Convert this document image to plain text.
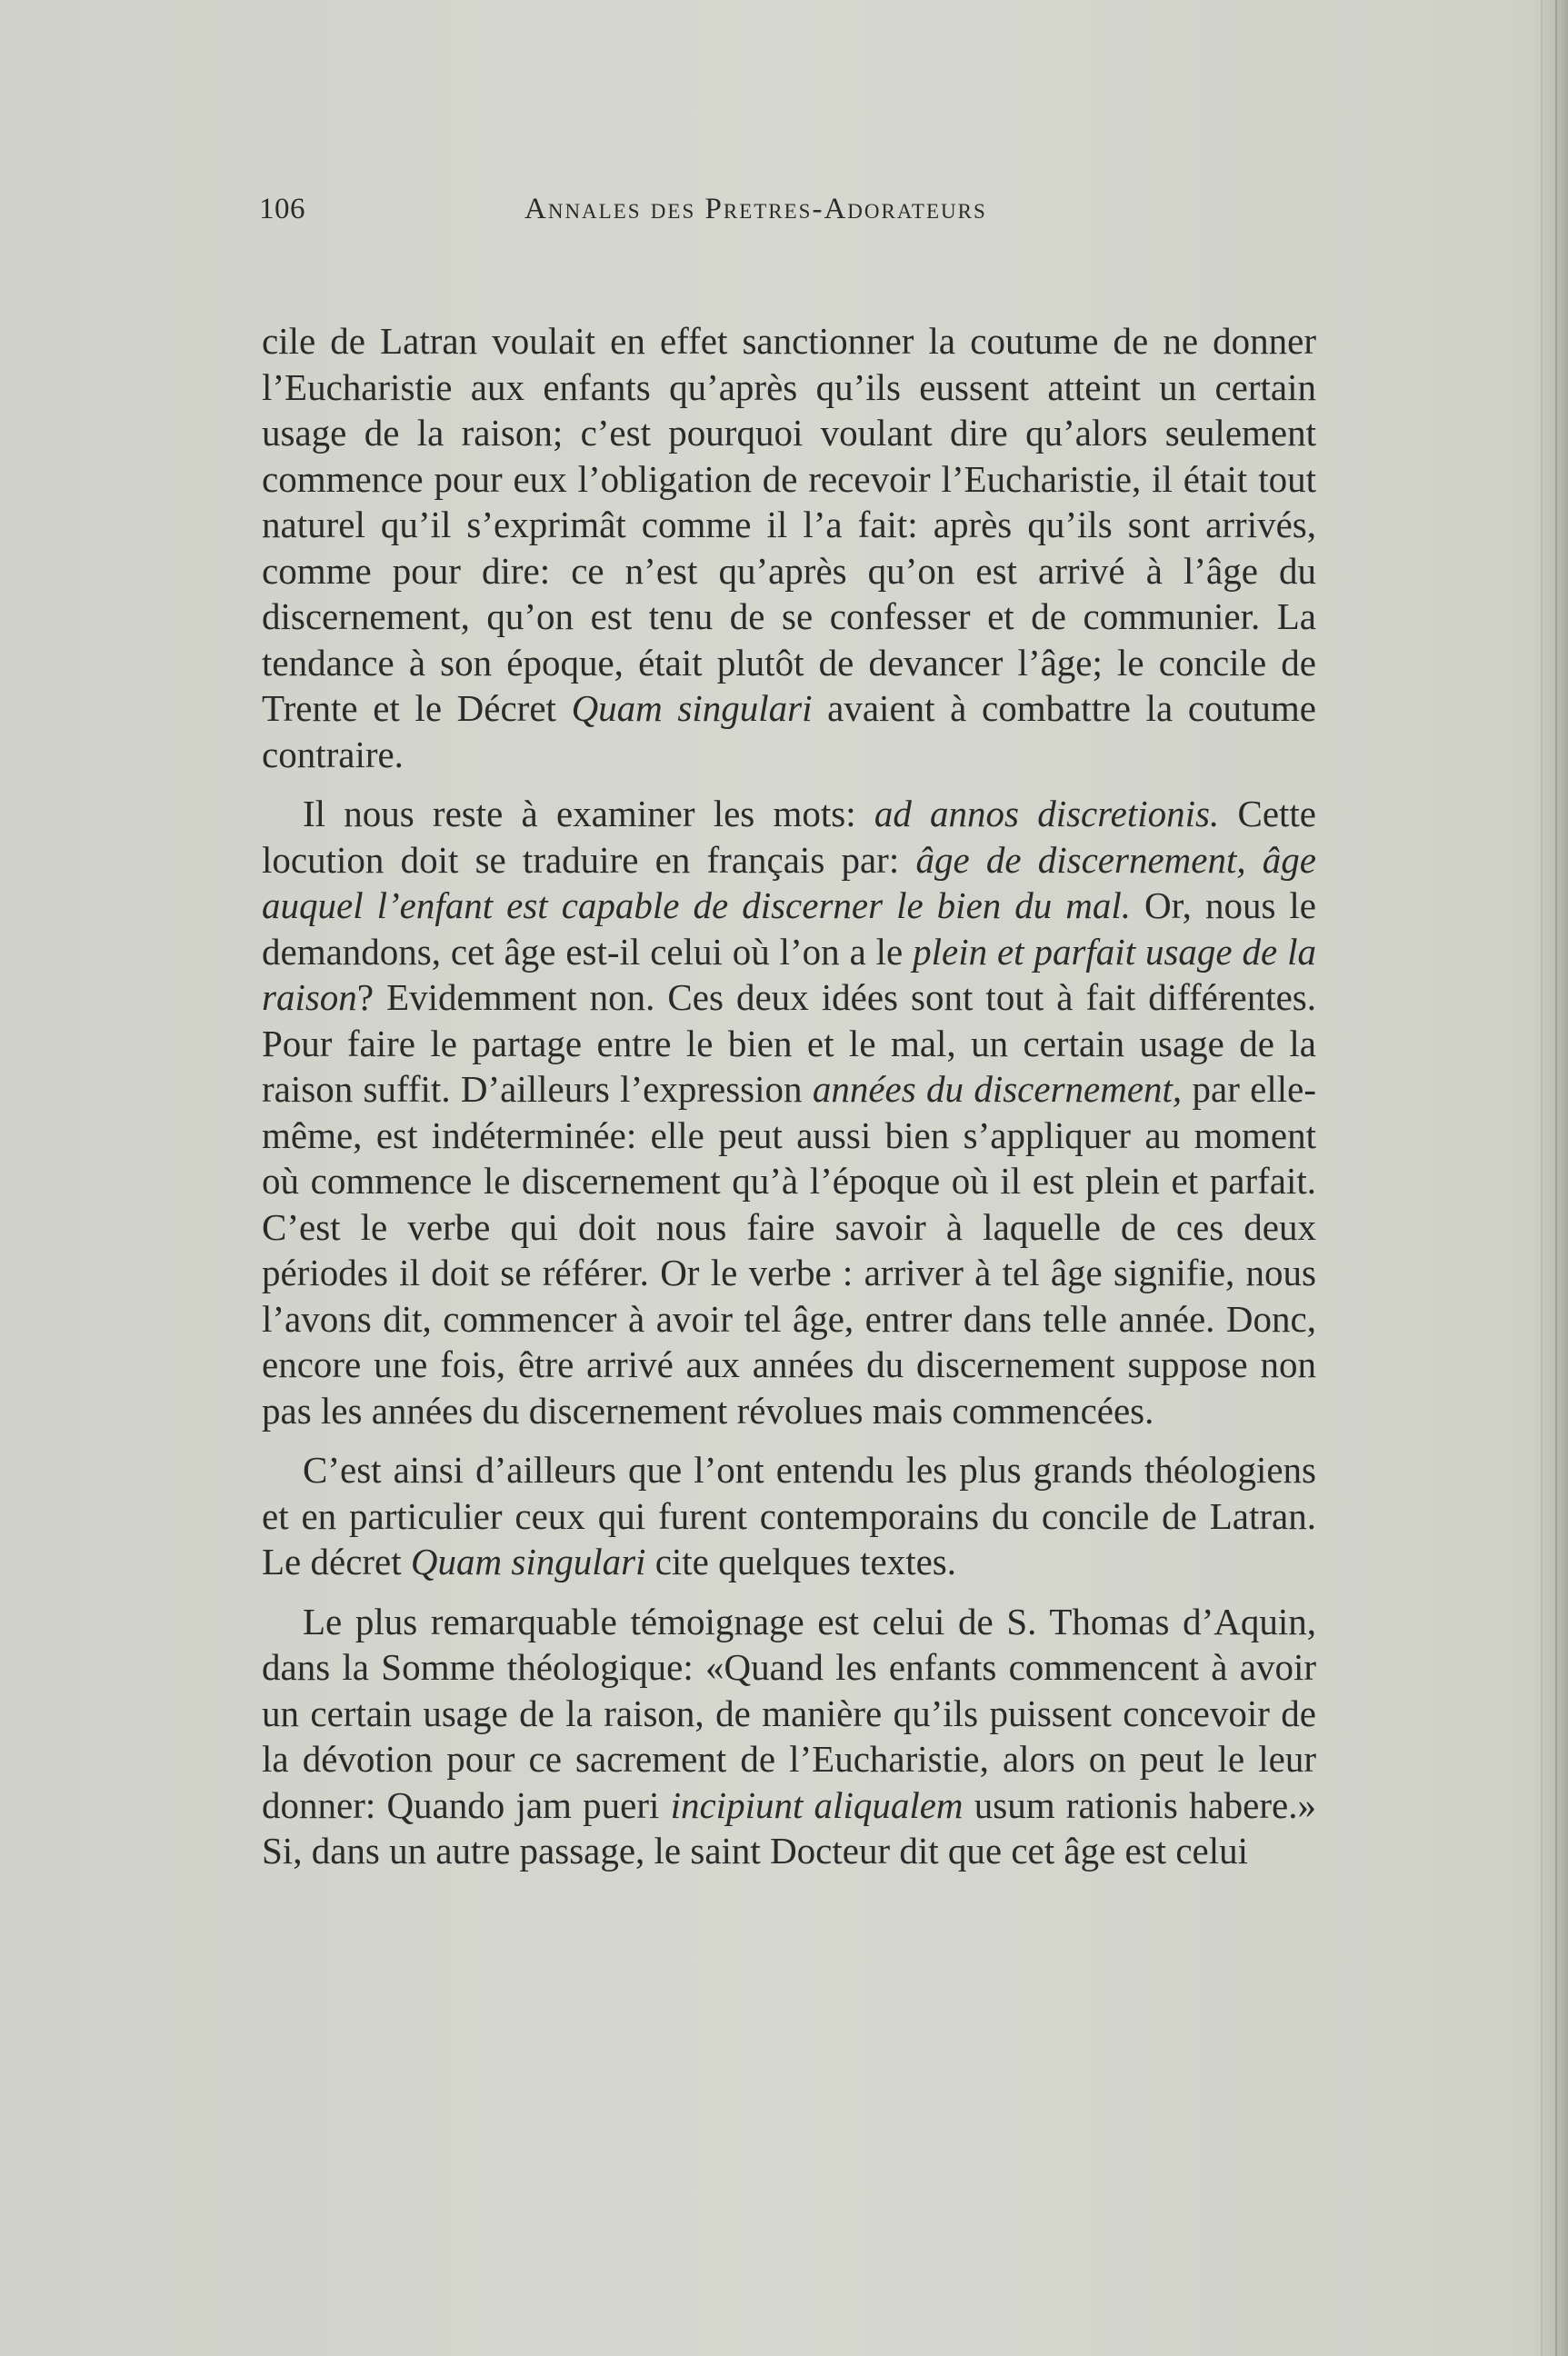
106	Annales des Pretres-Adorateurs

cile de Latran voulait en effet sanctionner la coutume de ne donner l’Eucharistie aux enfants qu’après qu’ils eussent atteint un certain usage de la raison; c’est pourquoi voulant dire qu’alors seulement commence pour eux l’obligation de recevoir l’Eucharistie, il était tout naturel qu’il s’exprimât comme il l’a fait: après qu’ils sont arrivés, comme pour dire: ce n’est qu’après qu’on est arrivé à l’âge du discernement, qu’on est tenu de se confesser et de communier. La tendance à son époque, était plutôt de devancer l’âge; le concile de Trente et le Décret Quam singulari avaient à combattre la coutume contraire.

Il nous reste à examiner les mots: ad annos discretionis. Cette locution doit se traduire en français par: âge de discernement, âge auquel l’enfant est capable de discerner le bien du mal. Or, nous le demandons, cet âge est-il celui où l’on a le plein et parfait usage de la raison? Evidemment non. Ces deux idées sont tout à fait différentes. Pour faire le partage entre le bien et le mal, un certain usage de la raison suffit. D’ailleurs l’expression années du discernement, par elle-même, est indéterminée: elle peut aussi bien s’appliquer au moment où commence le discernement qu’à l’époque où il est plein et parfait. C’est le verbe qui doit nous faire savoir à laquelle de ces deux périodes il doit se référer. Or le verbe : arriver à tel âge signifie, nous l’avons dit, commencer à avoir tel âge, entrer dans telle année. Donc, encore une fois, être arrivé aux années du discernement suppose non pas les années du discernement révolues mais commencées.

C’est ainsi d’ailleurs que l’ont entendu les plus grands théologiens et en particulier ceux qui furent contemporains du concile de Latran. Le décret Quam singulari cite quelques textes.

Le plus remarquable témoignage est celui de S. Thomas d’Aquin, dans la Somme théologique: «Quand les enfants commencent à avoir un certain usage de la raison, de manière qu’ils puissent concevoir de la dévotion pour ce sacrement de l’Eucharistie, alors on peut le leur donner: Quando jam pueri incipiunt aliqualem usum rationis habere.» Si, dans un autre passage, le saint Docteur dit que cet âge est celui
